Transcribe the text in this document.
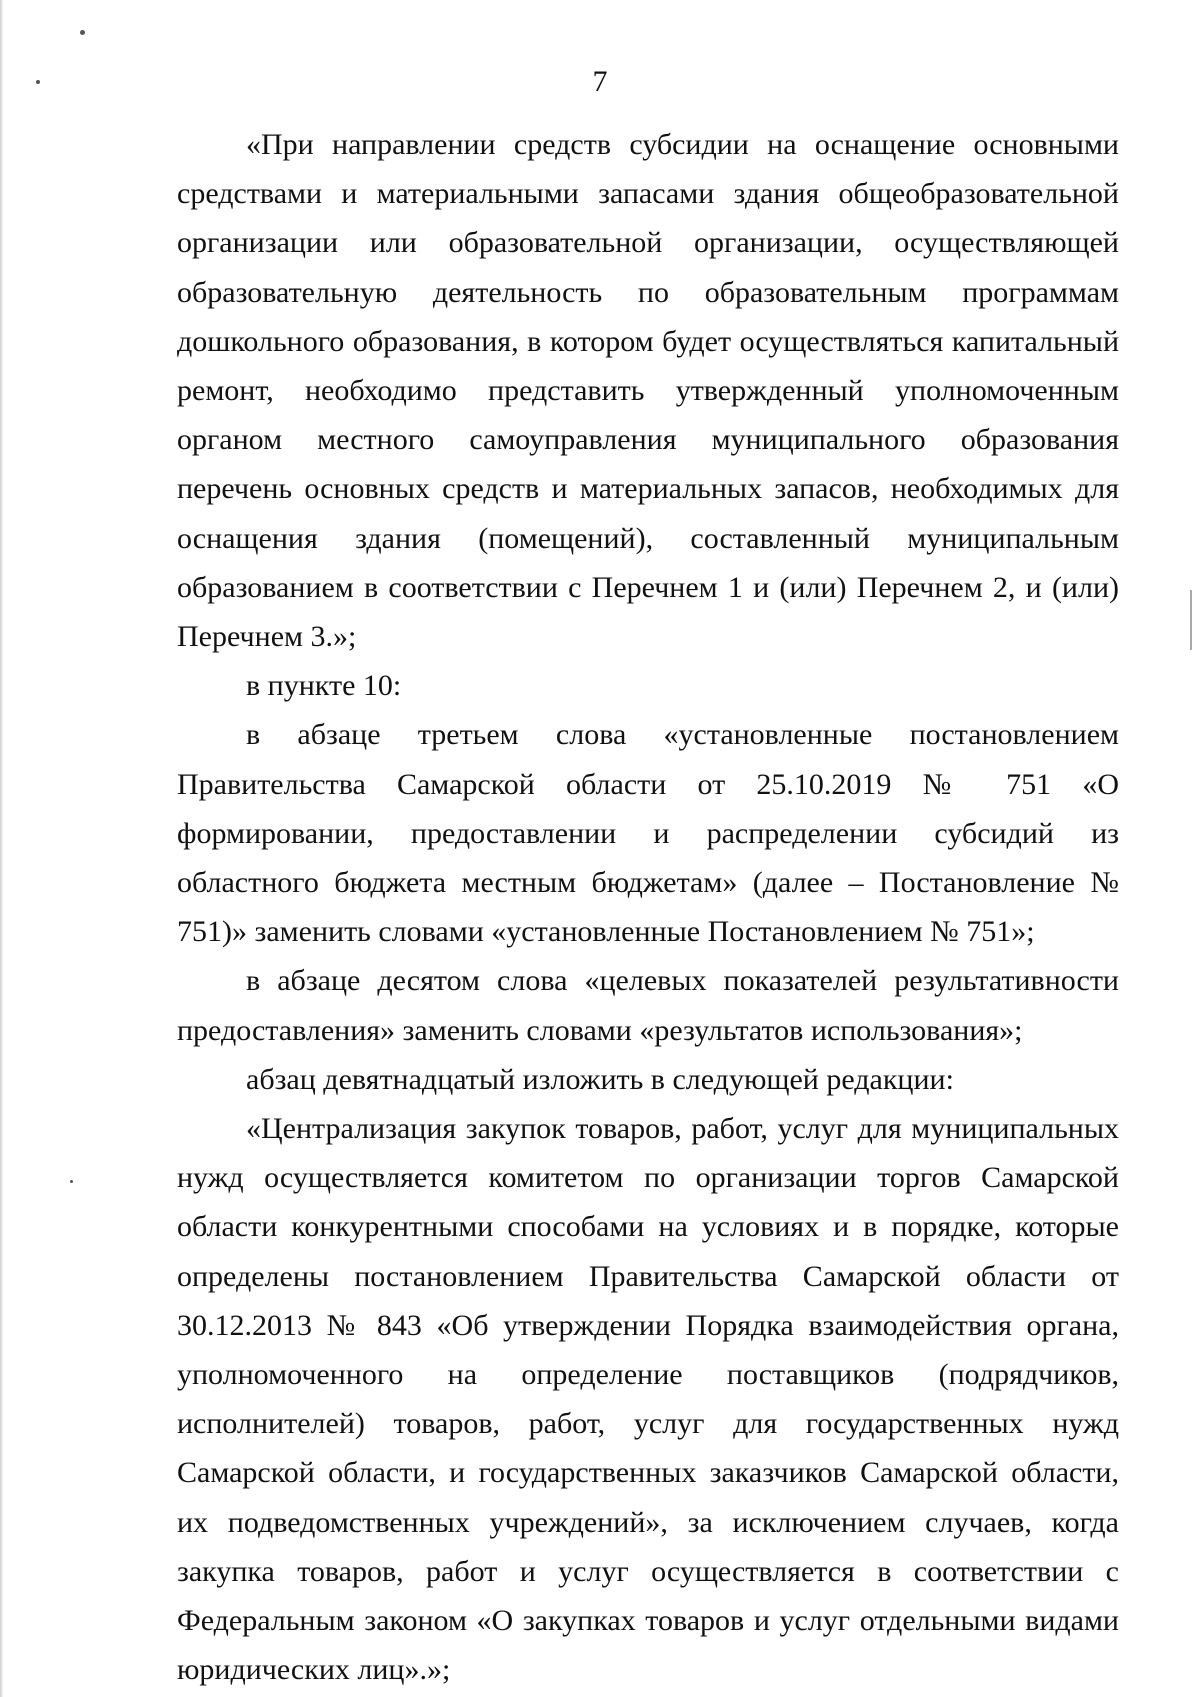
7

«При направлении средств субсидии на оснащение основными средствами и материальными запасами здания общеобразовательной организации или образовательной организации, осуществляющей образовательную деятельность по образовательным программам дошкольного образования, в котором будет осуществляться капитальный ремонт, необходимо представить утвержденный уполномоченным органом местного самоуправления муниципального образования перечень основных средств и материальных запасов, необходимых для оснащения здания (помещений), составленный муниципальным образованием в соответствии с Перечнем 1 и (или) Перечнем 2, и (или) Перечнем 3.»;

в пункте 10:

в абзаце третьем слова «установленные постановлением Правительства Самарской области от 25.10.2019 № 751 «О формировании, предоставлении и распределении субсидий из областного бюджета местным бюджетам» (далее – Постановление № 751)» заменить словами «установленные Постановлением № 751»;

в абзаце десятом слова «целевых показателей результативности предоставления» заменить словами «результатов использования»;

абзац девятнадцатый изложить в следующей редакции:

«Централизация закупок товаров, работ, услуг для муниципальных нужд осуществляется комитетом по организации торгов Самарской области конкурентными способами на условиях и в порядке, которые определены постановлением Правительства Самарской области от 30.12.2013 № 843 «Об утверждении Порядка взаимодействия органа, уполномоченного на определение поставщиков (подрядчиков, исполнителей) товаров, работ, услуг для государственных нужд Самарской области, и государственных заказчиков Самарской области, их подведомственных учреждений», за исключением случаев, когда закупка товаров, работ и услуг осуществляется в соответствии с Федеральным законом «О закупках товаров и услуг отдельными видами юридических лиц».»;
